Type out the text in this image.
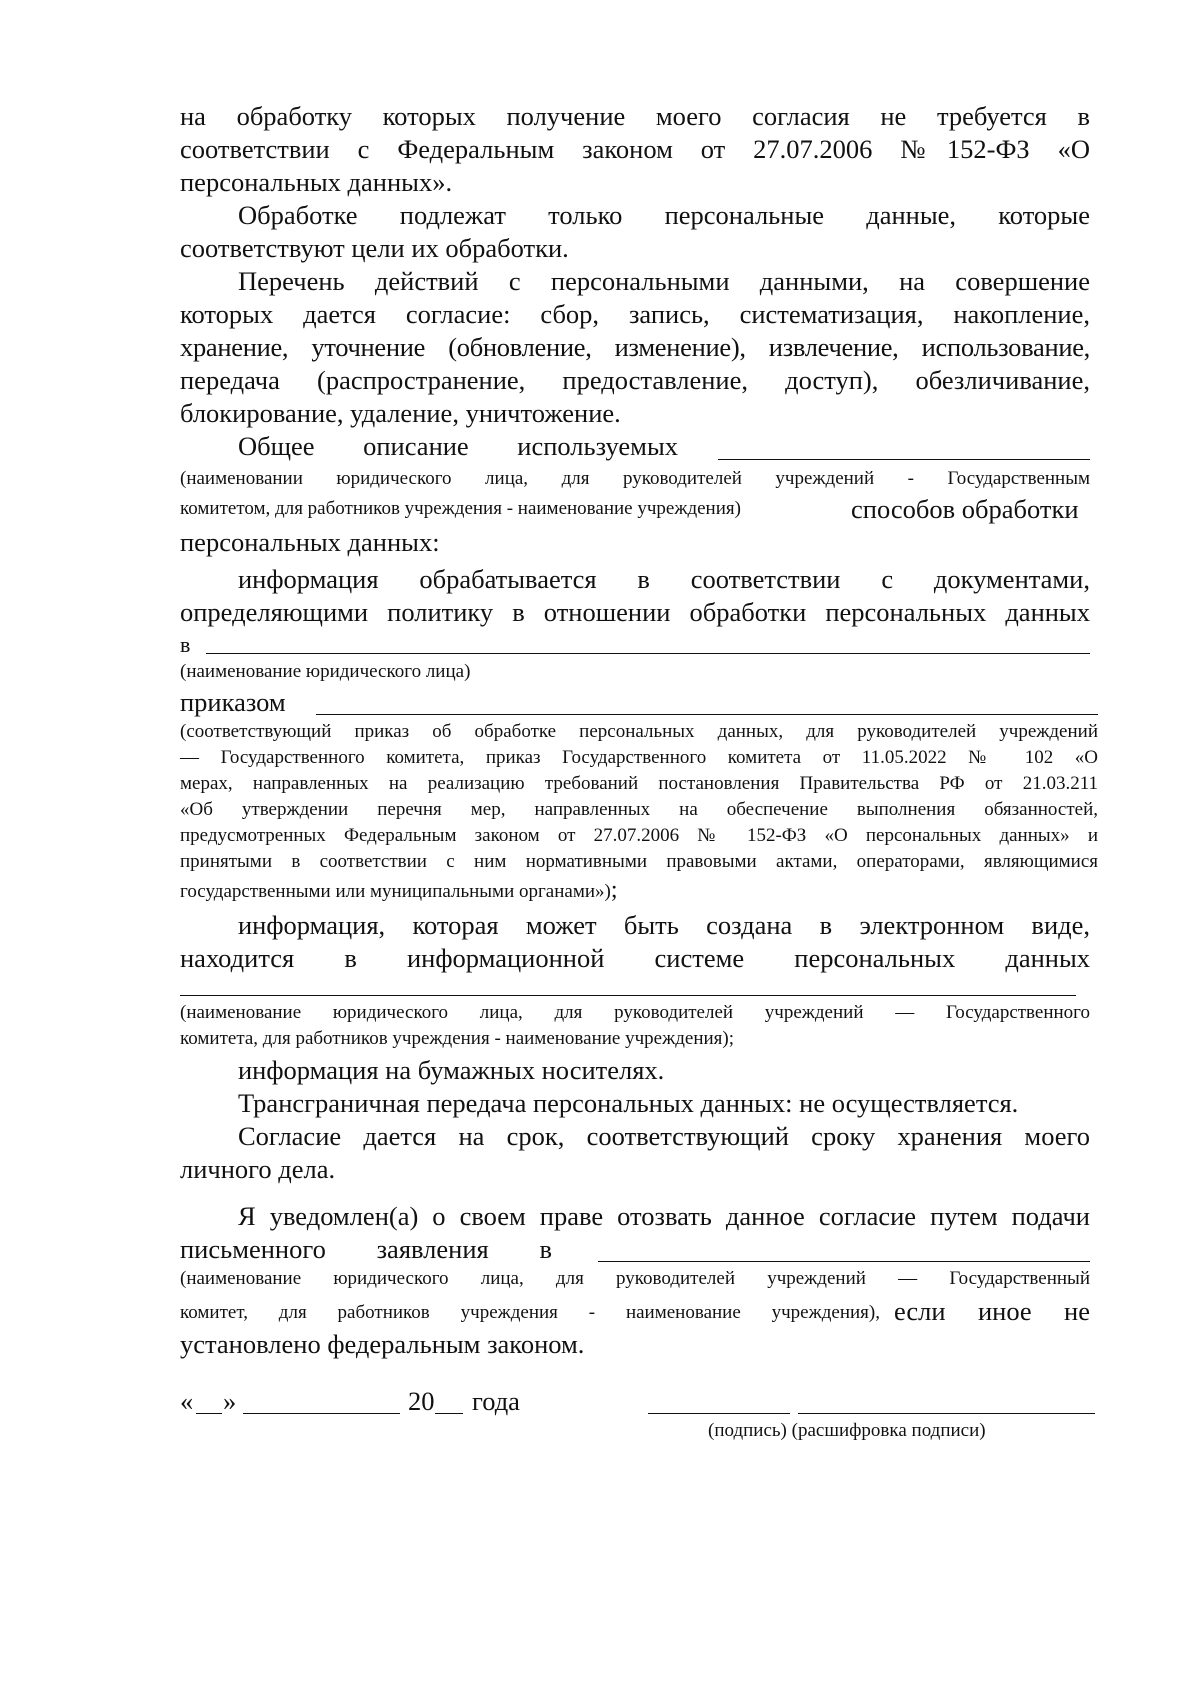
на обработку которых получение моего согласия не требуется в
соответствии с Федеральным законом от 27.07.2006 №152-ФЗ «О
персональных данных».
Обработке подлежат только персональные данные, которые
соответствуют цели их обработки.
Перечень действий с персональными данными, на совершение
которых дается согласие: сбор, запись, систематизация, накопление,
хранение, уточнение (обновление, изменение), извлечение, использование,
передача (распространение, предоставление, доступ), обезличивание,
блокирование, удаление, уничтожение.
Общее описание используемых
(наименовании юридического лица, для руководителей учреждений - Государственным
комитетом, для работников учреждения - наименование учреждения)	способов обработки
персональных данных:
информация обрабатывается в соответствии с документами,
определяющими политику в отношении обработки персональных данных
в
(наименование юридического лица)
приказом
(соответствующий приказ об обработке персональных данных, для руководителей учреждений
— Государственного комитета, приказ Государственного комитета от 11.05.2022 № 102 «О
мерах, направленных на реализацию требований постановления Правительства РФ от 21.03.211
«Об утверждении перечня мер, направленных на обеспечение выполнения обязанностей,
предусмотренных Федеральным законом от 27.07.2006 № 152-ФЗ «О персональных данных» и
принятыми в соответствии с ним нормативными правовыми актами, операторами, являющимися
государственными или муниципальными органами»);
информация, которая может быть создана в электронном виде,
находится в информационной системе персональных данных
(наименование юридического лица, для руководителей учреждений — Государственного
комитета, для работников учреждения - наименование учреждения);
информация на бумажных носителях.
Трансграничная передача персональных данных: не осуществляется.
Согласие дается на срок, соответствующий сроку хранения моего
личного дела.
Я уведомлен(а) о своем праве отозвать данное согласие путем подачи
письменного заявления в
(наименование юридического лица, для руководителей учреждений — Государственный
комитет, для работников учреждения - наименование учреждения), если иное не
установлено федеральным законом.
« »	20 года
(подпись) (расшифровка подписи)
